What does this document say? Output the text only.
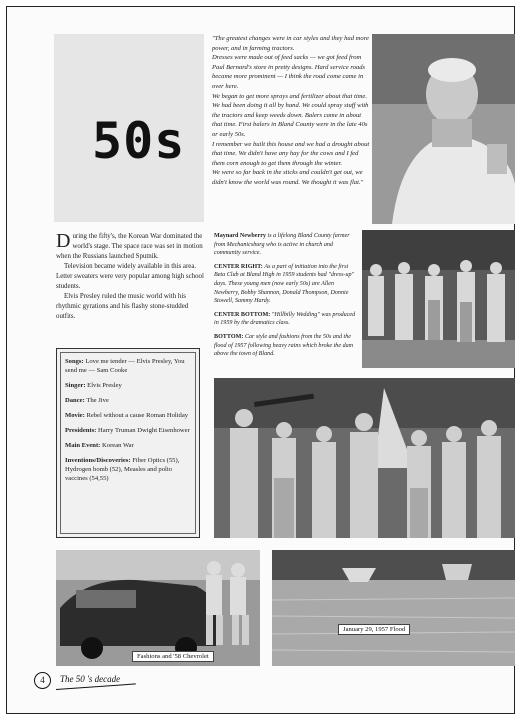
50s

"The greatest changes were in car styles and they had more power, and in farming tractors.

Dresses were made out of feed sacks — we got feed from Paul Bernard's store in pretty designs. Hard service roads became more prominent — I think the road come came in over here.

We began to get more sprays and fertilizer about that time. We had been doing it all by hand. We could spray stuff with the tractors and keep weeds down. Balers came in about that time. First balers in Bland County were in the late 40s or early 50s.

I remember we built this house and we had a drought about that time. We didn't have any hay for the cows and I fed them corn enough to get them through the winter.

We were so far back in the sticks and couldn't get out, we didn't know the world was round. We thought it was flat."

During the fifty's, the Korean War dominated the world's stage. The space race was set in motion when the Russians launched Sputnik.

Television became widely available in this area. Letter sweaters were very popular among high school students.

Elvis Presley ruled the music world with his rhythmic gyrations and his flashy stone-studded outfits.

Songs: Love me tender — Elvis Presley, You send me — Sam Cooke
Singer: Elvis Presley
Dance: The Jive
Movie: Rebel without a cause Roman Holiday
Presidents: Harry Truman Dwight Eisenhower
Main Event: Korean War
Inventions/Discoveries: Fiber Optics (55), Hydrogen bomb (52), Measles and polio vaccines (54,55)

Maynard Newberry is a lifelong Bland County farmer from Mechanicsburg who is active in church and community service.

CENTER RIGHT: As a part of initiation into the first Beta Club at Bland High in 1959 students had "dress-up" days. These young men (now early 50s) are Allen Newberry, Bobby Shannon, Donald Thompson, Donnie Stowell, Sammy Hardy.

CENTER BOTTOM: "Hillbilly Wedding" was produced in 1959 by the dramatics class.

BOTTOM: Car style and fashions from the 50s and the flood of 1957 following heavy rains which broke the dam above the town of Bland.

Fashions and '58 Chevrolet
January 29, 1957 Flood
4	The 50 's decade
